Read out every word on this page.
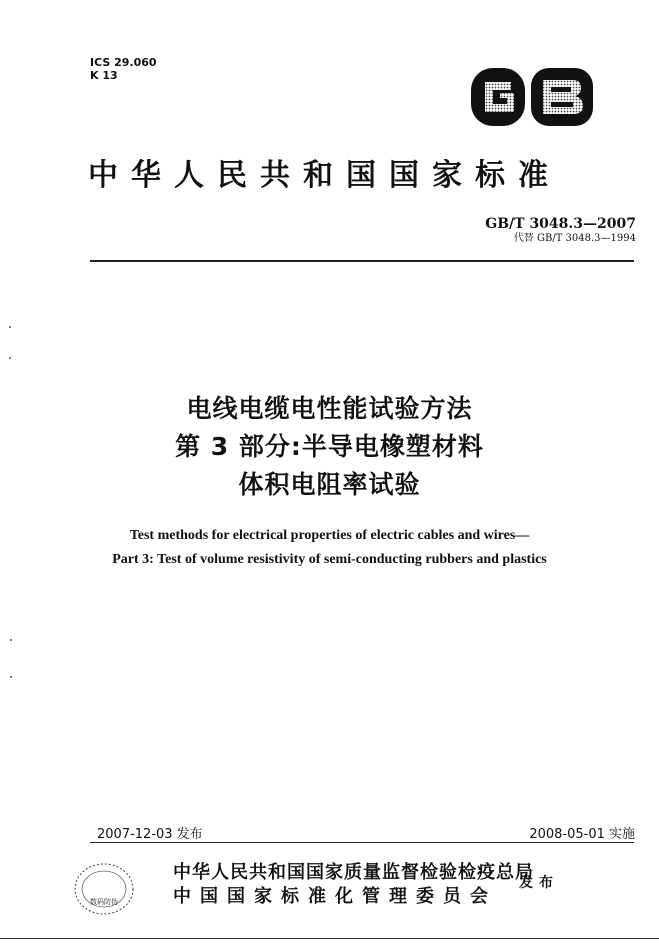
ICS 29.060
K 13
GB
中华人民共和国国家标准
GB/T 3048.3—2007
代替 GB/T 3048.3—1994
电线电缆电性能试验方法
第 3 部分:半导电橡塑材料
体积电阻率试验
Test methods for electrical properties of electric cables and wires—
Part 3: Test of volume resistivity of semi-conducting rubbers and plastics
2007-12-03 发布	2008-05-01 实施
数码防伪
中华人民共和国国家质量监督检验检疫总局
中国国家标准化管理委员会
发布
